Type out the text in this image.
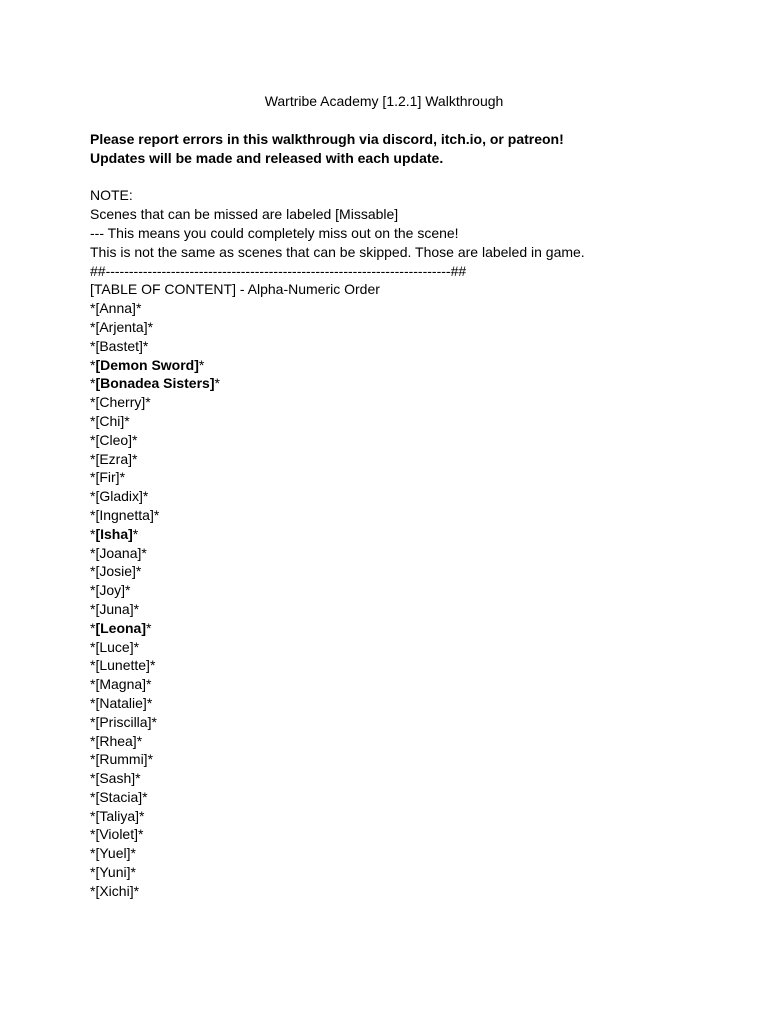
Wartribe Academy [1.2.1] Walkthrough
Please report errors in this walkthrough via discord, itch.io, or patreon!
Updates will be made and released with each update.
NOTE:
Scenes that can be missed are labeled [Missable]
--- This means you could completely miss out on the scene!
This is not the same as scenes that can be skipped. Those are labeled in game.
##--------------------------------------------------------------------------##
[TABLE OF CONTENT] - Alpha-Numeric Order
*[Anna]*
*[Arjenta]*
*[Bastet]*
*[Demon Sword]*
*[Bonadea Sisters]*
*[Cherry]*
*[Chi]*
*[Cleo]*
*[Ezra]*
*[Fir]*
*[Gladix]*
*[Ingnetta]*
*[Isha]*
*[Joana]*
*[Josie]*
*[Joy]*
*[Juna]*
*[Leona]*
*[Luce]*
*[Lunette]*
*[Magna]*
*[Natalie]*
*[Priscilla]*
*[Rhea]*
*[Rummi]*
*[Sash]*
*[Stacia]*
*[Taliya]*
*[Violet]*
*[Yuel]*
*[Yuni]*
*[Xichi]*
